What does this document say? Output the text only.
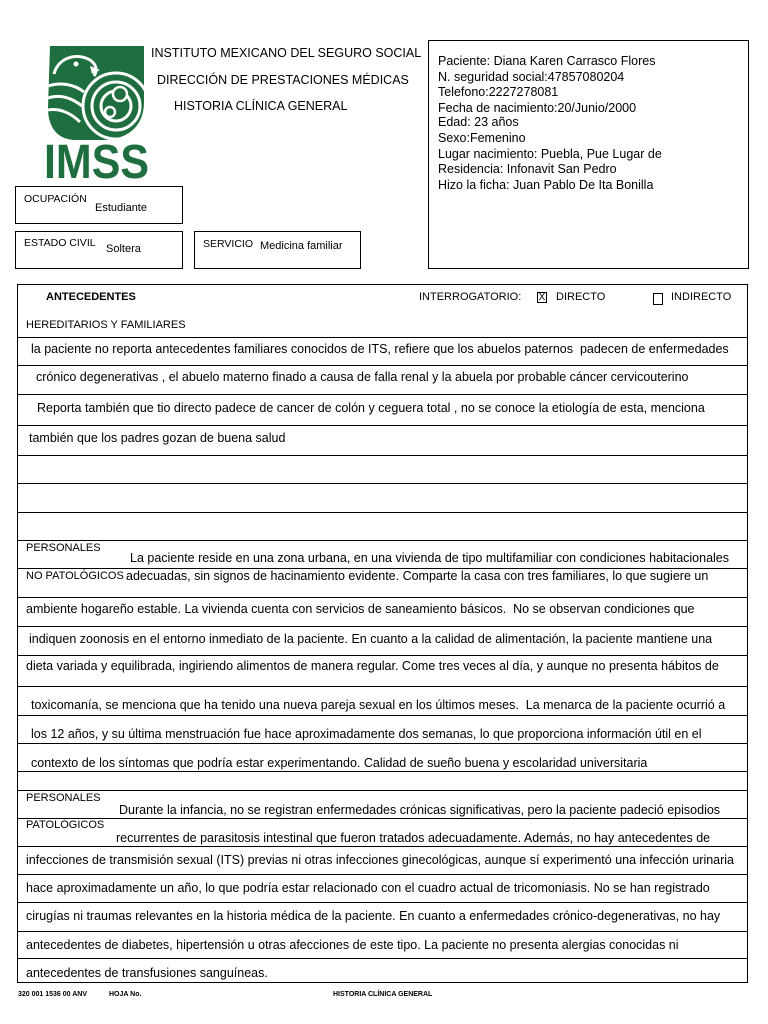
IMSS
INSTITUTO MEXICANO DEL SEGURO SOCIAL
DIRECCIÓN DE PRESTACIONES MÉDICAS
HISTORIA CLÍNICA GENERAL
Paciente: Diana Karen Carrasco Flores
N. seguridad social:47857080204
Telefono:2227278081
Fecha de nacimiento:20/Junio/2000
Edad: 23 años
Sexo:Femenino
Lugar nacimiento: Puebla, Pue Lugar de
Residencia: Infonavit San Pedro
Hizo la ficha: Juan Pablo De Ita Bonilla
OCUPACIÓN
Estudiante
ESTADO CIVIL Soltera	SERVICIO Medicina familiar
ANTECEDENTES	INTERROGATORIO: X DIRECTO	INDIRECTO
HEREDITARIOS Y FAMILIARES
la paciente no reporta antecedentes familiares conocidos de ITS, refiere que los abuelos paternos  padecen de enfermedades
crónico degenerativas , el abuelo materno finado a causa de falla renal y la abuela por probable cáncer cervicouterino
Reporta también que tio directo padece de cancer de colón y ceguera total , no se conoce la etiología de esta, menciona
también que los padres gozan de buena salud
PERSONALES
NO PATOLÓGICOS
La paciente reside en una zona urbana, en una vivienda de tipo multifamiliar con condiciones habitacionales
adecuadas, sin signos de hacinamiento evidente. Comparte la casa con tres familiares, lo que sugiere un
ambiente hogareño estable. La vivienda cuenta con servicios de saneamiento básicos.  No se observan condiciones que
indiquen zoonosis en el entorno inmediato de la paciente. En cuanto a la calidad de alimentación, la paciente mantiene una
dieta variada y equilibrada, ingiriendo alimentos de manera regular. Come tres veces al día, y aunque no presenta hábitos de
toxicomanía, se menciona que ha tenido una nueva pareja sexual en los últimos meses.  La menarca de la paciente ocurrió a
los 12 años, y su última menstruación fue hace aproximadamente dos semanas, lo que proporciona información útil en el
contexto de los síntomas que podría estar experimentando. Calidad de sueño buena y escolaridad universitaria
PERSONALES
PATOLÓGICOS
Durante la infancia, no se registran enfermedades crónicas significativas, pero la paciente padeció episodios
recurrentes de parasitosis intestinal que fueron tratados adecuadamente. Además, no hay antecedentes de
infecciones de transmisión sexual (ITS) previas ni otras infecciones ginecológicas, aunque sí experimentó una infección urinaria
hace aproximadamente un año, lo que podría estar relacionado con el cuadro actual de tricomoniasis. No se han registrado
cirugías ni traumas relevantes en la historia médica de la paciente. En cuanto a enfermedades crónico-degenerativas, no hay
antecedentes de diabetes, hipertensión u otras afecciones de este tipo. La paciente no presenta alergias conocidas ni
antecedentes de transfusiones sanguíneas.
320 001 1536 00 ANV	HOJA No.	HISTORIA CLÍNICA GENERAL
